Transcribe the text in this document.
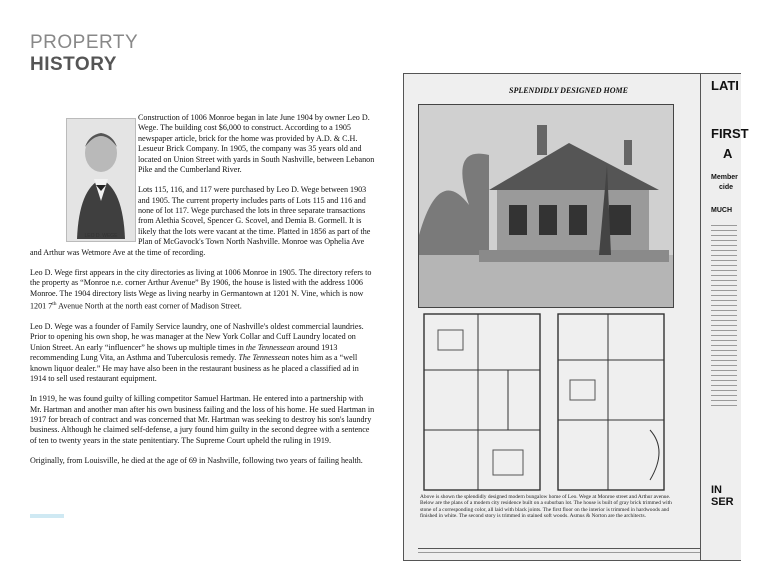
PROPERTY
HISTORY
LEO D. WEGE

Construction of 1006 Monroe began in late June 1904 by owner Leo D. Wege. The building cost $6,000 to construct. According to a 1905 newspaper article, brick for the home was provided by A.D. & C.H. Lesueur Brick Company. In 1905, the company was 35 years old and located on Union Street with yards in South Nashville, between Lebanon Pike and the Cumberland River.

Lots 115, 116, and 117 were purchased by Leo D. Wege between 1903 and 1905. The current property includes parts of Lots 115 and 116 and none of lot 117. Wege purchased the lots in three separate transactions from Alethia Scovel, Spencer G. Scovel, and Demia B. Gormell. It is likely that the lots were vacant at the time. Platted in 1856 as part of the Plan of McGavock's Town North Nashville. Monroe was Ophelia Ave and Arthur was Wetmore Ave at the time of recording.

Leo D. Wege first appears in the city directories as living at 1006 Monroe in 1905. The directory refers to the property as “Monroe n.e. corner Arthur Avenue” By 1906, the house is listed with the address 1006 Monroe. The 1904 directory lists Wege as living nearby in Germantown at 1201 N. Vine, which is now 1201 7th Avenue North at the north east corner of Madison Street.

Leo D. Wege was a founder of Family Service laundry, one of Nashville's oldest commercial laundries. Prior to opening his own shop, he was manager at the New York Collar and Cuff Laundry located on Union Street. An early “influencer” he shows up multiple times in the Tennessean around 1913 recommending Lung Vita, an Asthma and Tuberculosis remedy. The Tennessean notes him as a “well known liquor dealer.” He may have also been in the restaurant business as he placed a classified ad in 1914 to sell used restaurant equipment.

In 1919, he was found guilty of killing competitor Samuel Hartman. He entered into a partnership with Mr. Hartman and another man after his own business failing and the loss of his home. He sued Hartman in 1917 for breach of contract and was concerned that Mr. Hartman was seeking to destroy his son's laundry business. Although he claimed self-defense, a jury found him guilty in the second degree with a sentence of ten to twenty years in the state penitentiary. The Supreme Court upheld the ruling in 1919.

Originally, from Louisville, he died at the age of 69 in Nashville, following two years of failing health.

SPLENDIDLY DESIGNED HOME
Above is shown the splendidly designed modern bungalow home of Leo. Wege at Monroe street and Arthur avenue. Below are the plans of a modern city residence built on a suburban lot. The house is built of gray brick trimmed with stone of a corresponding color, all laid with black joints. The first floor on the interior is trimmed in hardwoods and finished in white. The second story is trimmed in stained soft woods. Asmus & Norton are the architects.
LATI
FIRST
A
Member
cide
MUCH
IN SER
